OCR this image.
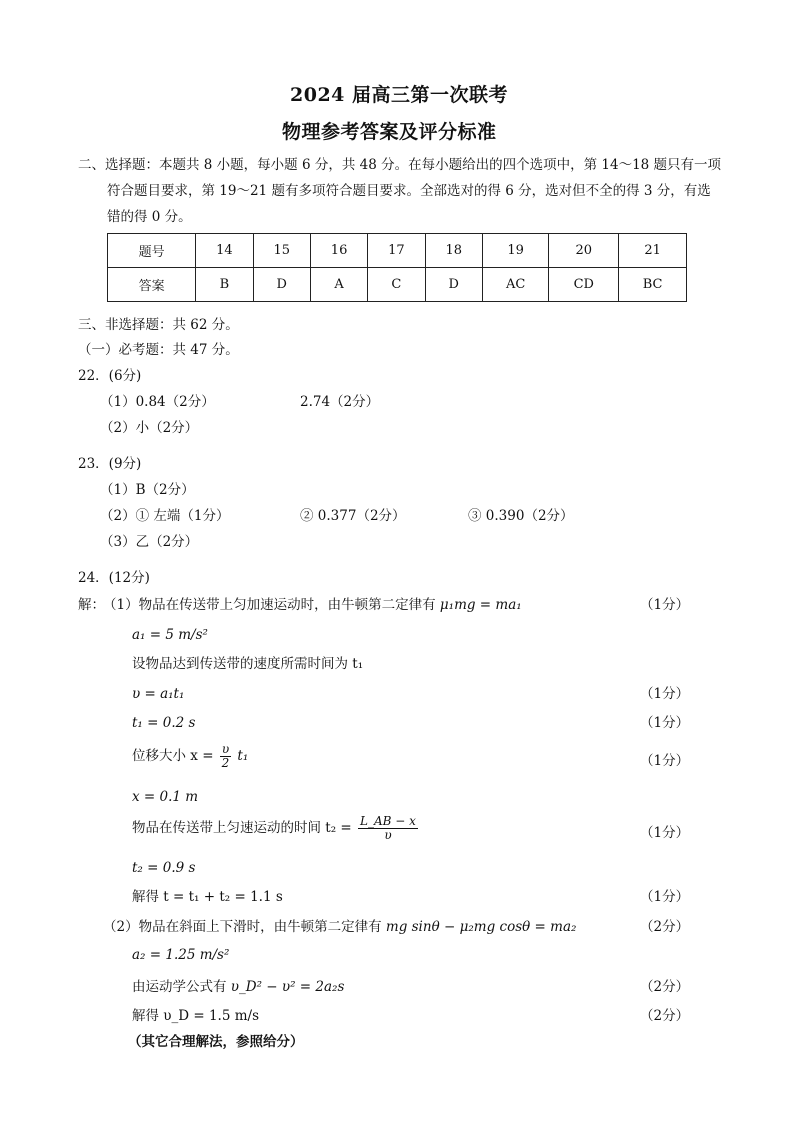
2024 届高三第一次联考
物理参考答案及评分标准
二、选择题：本题共 8 小题，每小题 6 分，共 48 分。在每小题给出的四个选项中，第 14～18 题只有一项
符合题目要求，第 19～21 题有多项符合题目要求。全部选对的得 6 分，选对但不全的得 3 分，有选
错的得 0 分。
题号	14	15	16	17	18	19	20	21
答案	B	D	A	C	D	AC	CD	BC
三、非选择题：共 62 分。
（一）必考题：共 47 分。
22．(6分)
（1）0.84（2分）	2.74（2分）
（2）小（2分）
23．(9分)
（1）B（2分）
（2）① 左端（1分）	② 0.377（2分）	③ 0.390（2分）
（3）乙（2分）
24．(12分)
解：
（1）物品在传送带上匀加速运动时，由牛顿第二定律有 μ₁mg = ma₁	（1分）
a₁ = 5 m/s²
设物品达到传送带的速度所需时间为 t₁
υ = a₁t₁	（1分）
t₁ = 0.2 s	（1分）
位移大小 $x = \frac{\upsilon}{2} t_1$	（1分）
x = 0.1 m
物品在传送带上匀速运动的时间 $t_2 = \frac{L\_AB - x}{\upsilon}$	（1分）
t₂ = 0.9 s
解得 t = t₁ + t₂ = 1.1 s	（1分）
（2）物品在斜面上下滑时，由牛顿第二定律有 mg sinθ − μ₂mg cosθ = ma₂	（2分）
a₂ = 1.25 m/s²
由运动学公式有 υ_D² − υ² = 2a₂s	（2分）
解得 υ_D = 1.5 m/s	（2分）
（其它合理解法，参照给分）
